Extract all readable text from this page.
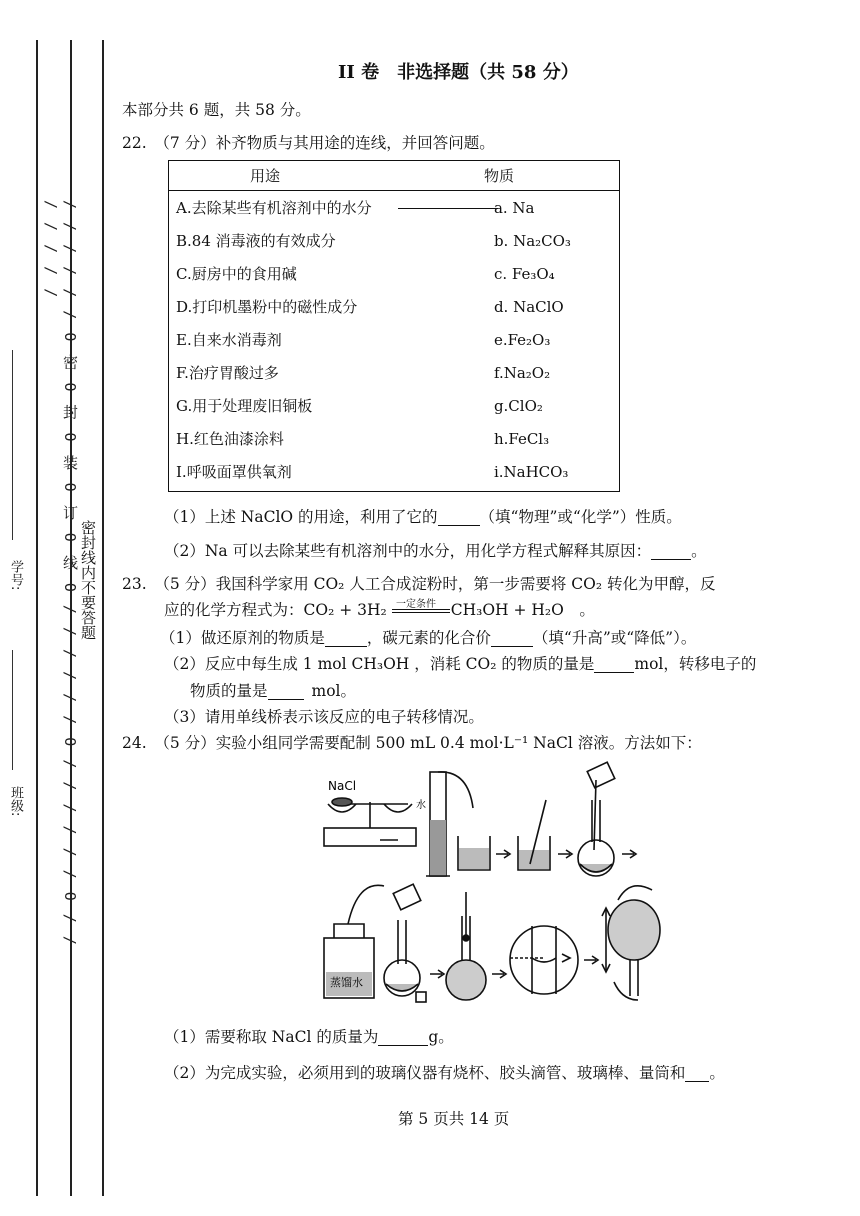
/ / / / / / O 密 O 封 O 装 O 订 O 线 O / / / / / / O / / / / / / O / / / / / / /
密封线内不要答题
班级:
学号:
II 卷　非选择题（共 58 分）
本部分共 6 题，共 58 分。
22.　（7 分）补齐物质与其用途的连线，并回答问题。
用途	物质
A.去除某些有机溶剂中的水分	a. Na
B.84 消毒液的有效成分	b. Na₂CO₃
C.厨房中的食用碱	c. Fe₃O₄
D.打印机墨粉中的磁性成分	d. NaClO
E.自来水消毒剂	e.Fe₂O₃
F.治疗胃酸过多	f.Na₂O₂
G.用于处理废旧铜板	g.ClO₂
H.红色油漆涂料	h.FeCl₃
I.呼吸面罩供氧剂	i.NaHCO₃
（1）上述 NaClO 的用途，利用了它的	（填“物理”或“化学”）性质。
（2）Na 可以去除某些有机溶剂中的水分，用化学方程式解释其原因：	。
23.　（5 分）我国科学家用 CO₂ 人工合成淀粉时，第一步需要将 CO₂ 转化为甲醇，反
应的化学方程式为：CO₂ + 3H₂	CH₃OH + H₂O　。
一定条件
（1）做还原剂的物质是	，碳元素的化合价	（填“升高”或“降低”）。
（2）反应中每生成 1 mol CH₃OH ，消耗 CO₂ 的物质的量是	mol，转移电子的
物质的量是	mol。
（3）请用单线桥表示该反应的电子转移情况。
24.　（5 分）实验小组同学需要配制 500 mL 0.4 mol·L⁻¹ NaCl 溶液。方法如下：
NaCl
水
蒸馏水
（1）需要称取 NaCl 的质量为	g。
（2）为完成实验，必须用到的玻璃仪器有烧杯、胶头滴管、玻璃棒、量筒和 。
第 5 页共 14 页
